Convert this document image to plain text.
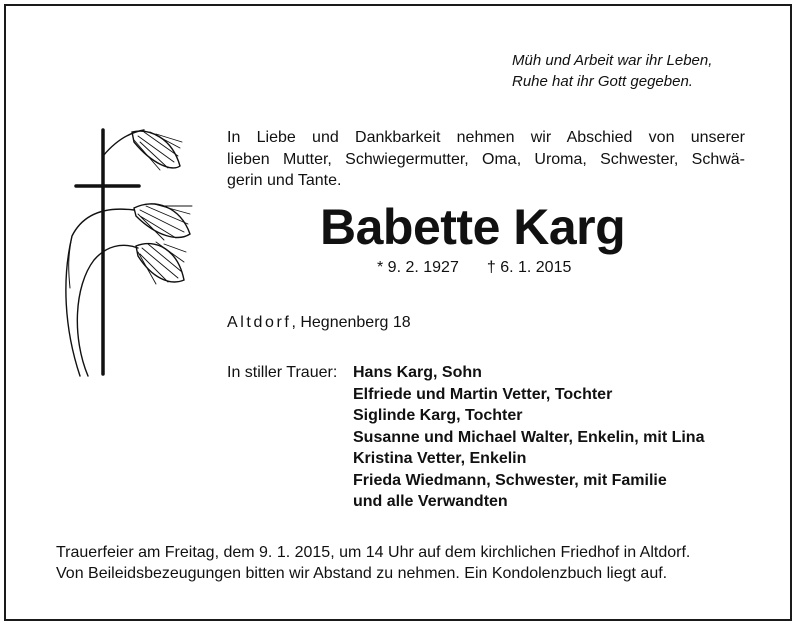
Müh und Arbeit war ihr Leben,
Ruhe hat ihr Gott gegeben.
In Liebe und Dankbarkeit nehmen wir Abschied von unserer
lieben Mutter, Schwiegermutter, Oma, Uroma, Schwester, Schwä-
gerin und Tante.
Babette Karg
* 9. 2. 1927 † 6. 1. 2015
Altdorf, Hegnenberg 18
In stiller Trauer: Hans Karg, Sohn
Elfriede und Martin Vetter, Tochter
Siglinde Karg, Tochter
Susanne und Michael Walter, Enkelin, mit Lina
Kristina Vetter, Enkelin
Frieda Wiedmann, Schwester, mit Familie
und alle Verwandten
Trauerfeier am Freitag, dem 9. 1. 2015, um 14 Uhr auf dem kirchlichen Friedhof in Altdorf.
Von Beileidsbezeugungen bitten wir Abstand zu nehmen. Ein Kondolenzbuch liegt auf.
